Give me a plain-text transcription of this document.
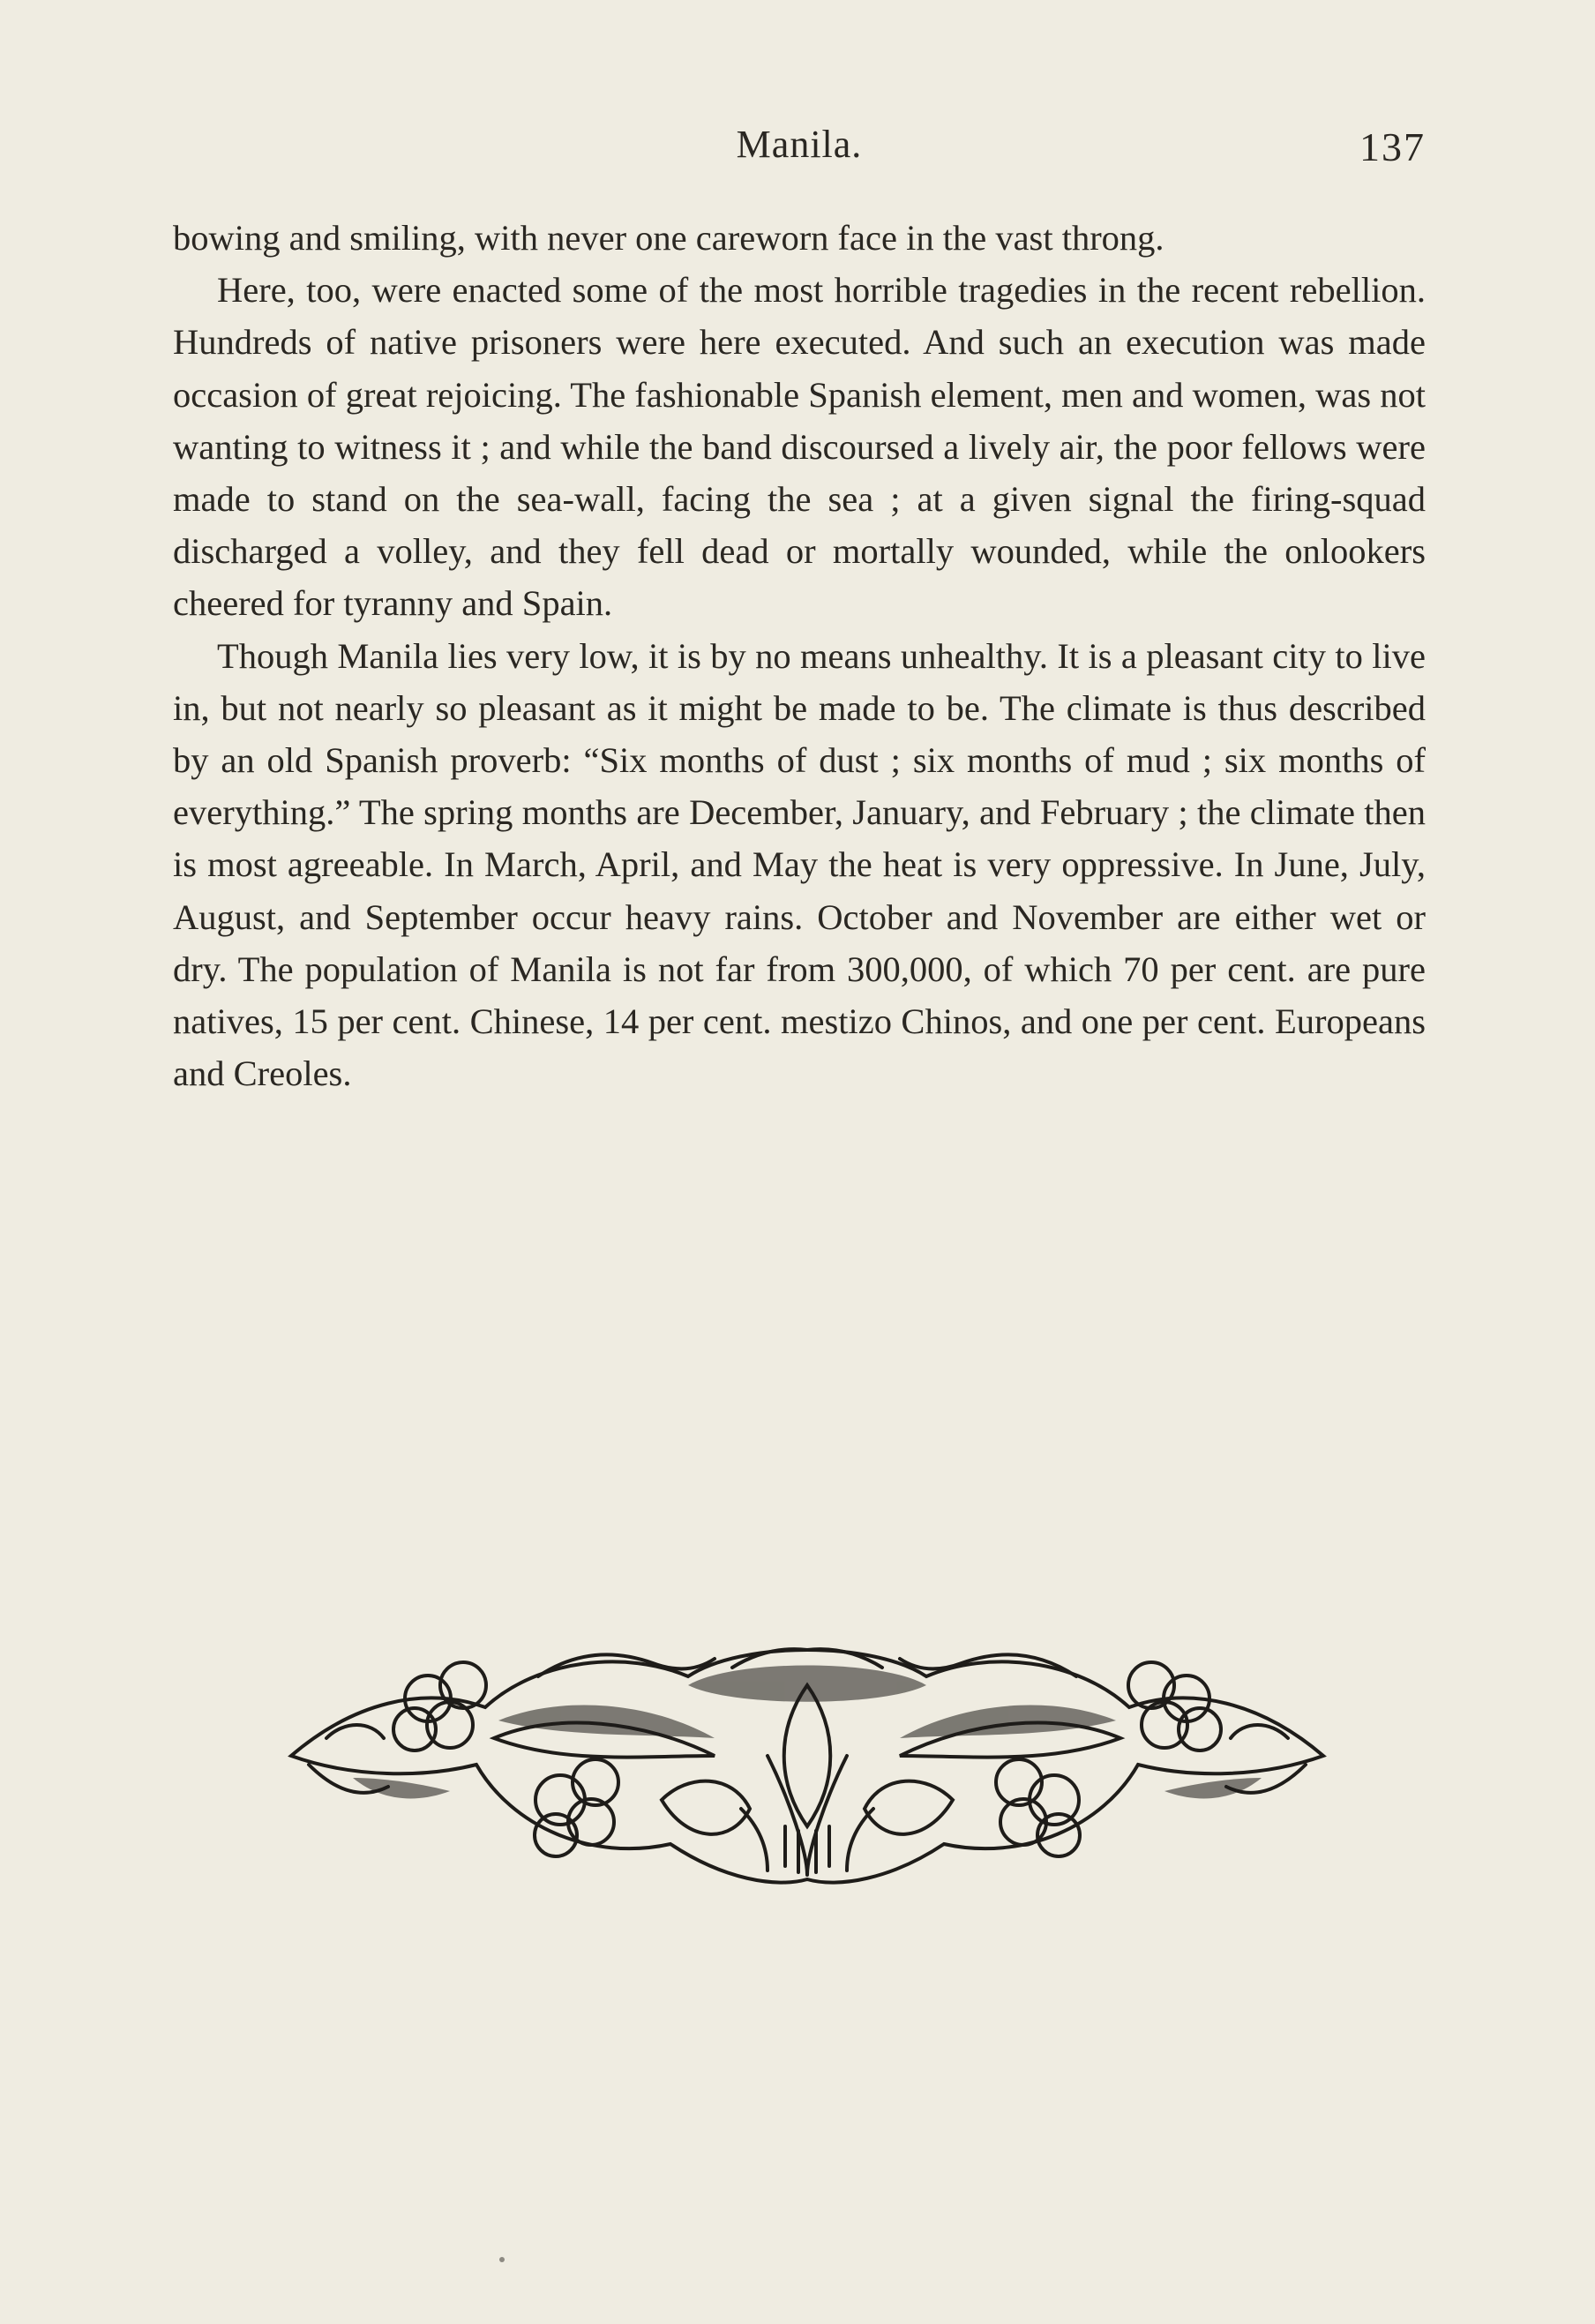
Manila.	137

bowing and smiling, with never one careworn face in the vast throng.

Here, too, were enacted some of the most horrible tragedies in the recent rebellion. Hundreds of native prisoners were here executed. And such an execution was made occasion of great rejoicing. The fashionable Spanish element, men and women, was not wanting to witness it ; and while the band discoursed a lively air, the poor fellows were made to stand on the sea-wall, facing the sea ; at a given signal the firing-squad discharged a volley, and they fell dead or mortally wounded, while the onlookers cheered for tyranny and Spain.

Though Manila lies very low, it is by no means unhealthy. It is a pleasant city to live in, but not nearly so pleasant as it might be made to be. The climate is thus described by an old Spanish proverb: “Six months of dust ; six months of mud ; six months of everything.” The spring months are December, January, and February ; the climate then is most agreeable. In March, April, and May the heat is very oppressive. In June, July, August, and September occur heavy rains. October and November are either wet or dry. The population of Manila is not far from 300,000, of which 70 per cent. are pure natives, 15 per cent. Chinese, 14 per cent. mestizo Chinos, and one per cent. Europeans and Creoles.
